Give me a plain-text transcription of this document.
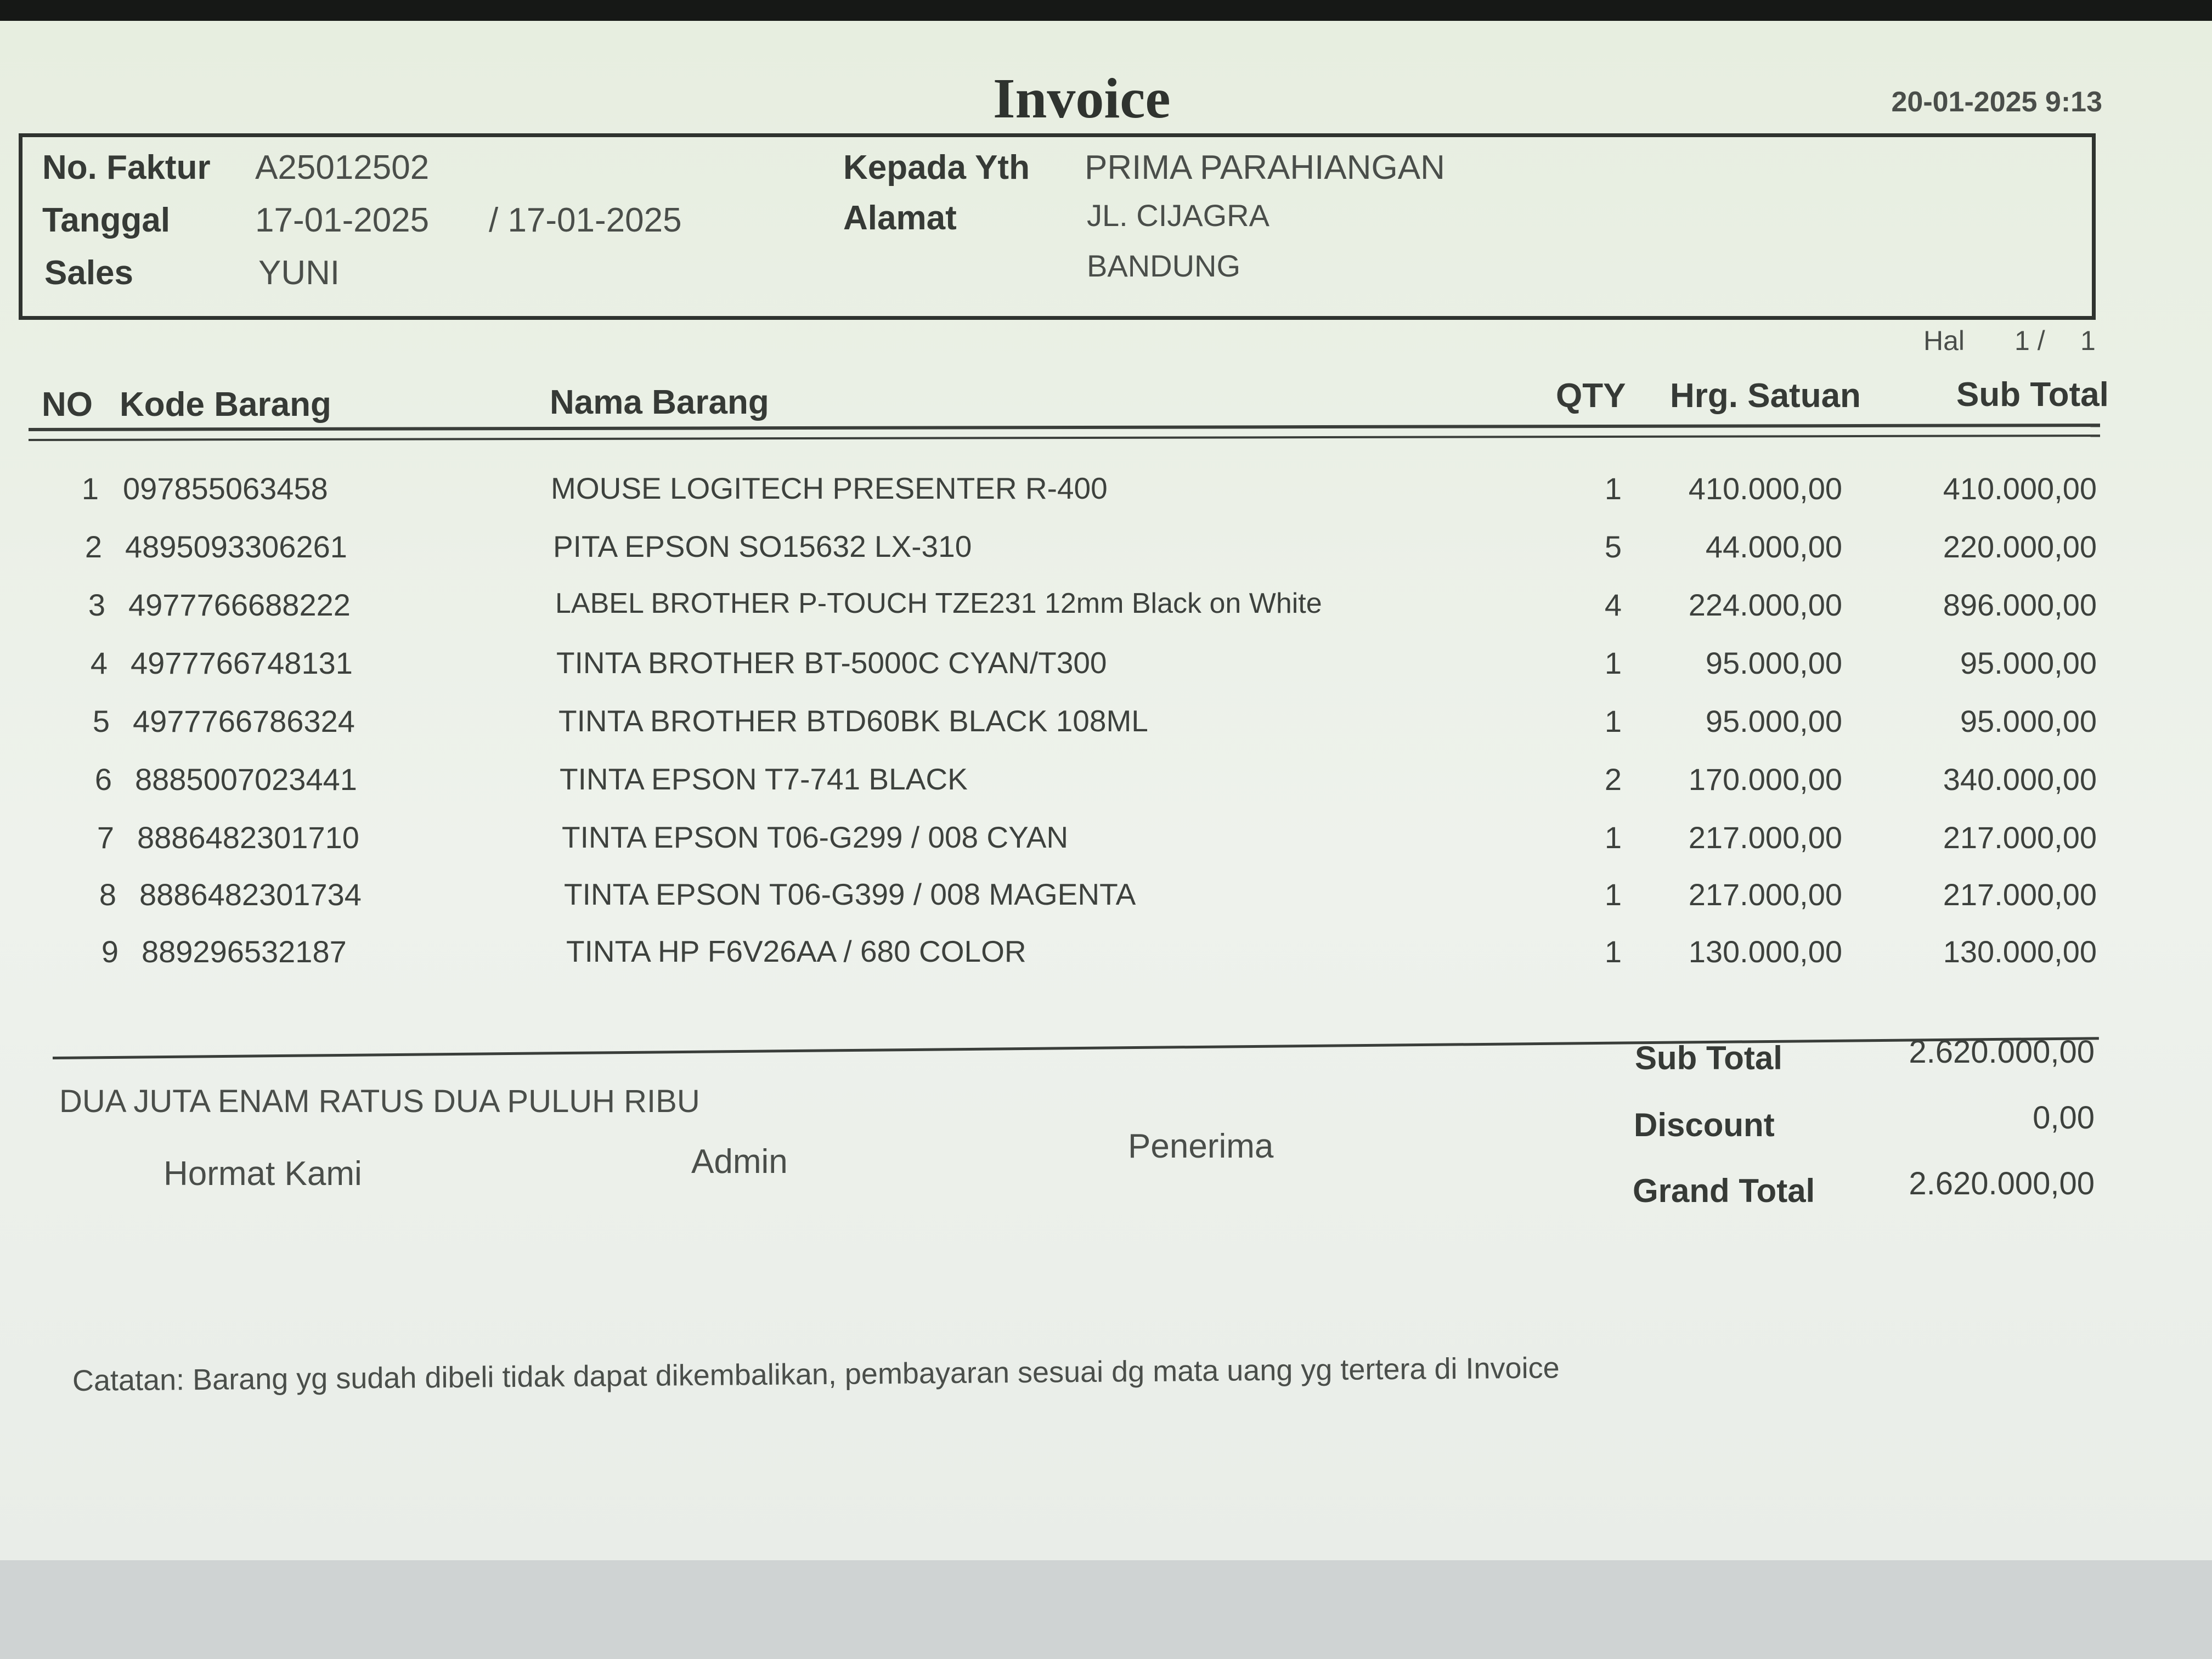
Invoice	20-01-2025 9:13
No. Faktur A25012502
Tanggal 17-01-2025 / 17-01-2025
Sales	YUNI
Kepada Yth PRIMA PARAHIANGAN
Alamat	JL. CIJAGRA
BANDUNG
Hal 1 / 1
NO Kode Barang	Nama Barang	QTY Hrg. Satuan	Sub Total
1 097855063458	MOUSE LOGITECH PRESENTER R-400	1	410.000,00	410.000,00
2 4895093306261	PITA EPSON SO15632 LX-310	5	44.000,00	220.000,00
3 4977766688222	LABEL BROTHER P-TOUCH TZE231 12mm Black on White	4	224.000,00	896.000,00
4 4977766748131	TINTA BROTHER BT-5000C CYAN/T300	1	95.000,00	95.000,00
5 4977766786324	TINTA BROTHER BTD60BK BLACK 108ML	1	95.000,00	95.000,00
6 8885007023441	TINTA EPSON T7-741 BLACK	2	170.000,00	340.000,00
7 8886482301710	TINTA EPSON T06-G299 / 008 CYAN	1	217.000,00	217.000,00
8 8886482301734	TINTA EPSON T06-G399 / 008 MAGENTA	1	217.000,00	217.000,00
9 889296532187	TINTA HP F6V26AA / 680 COLOR	1	130.000,00	130.000,00
DUA JUTA ENAM RATUS DUA PULUH RIBU
Hormat Kami	Admin	Penerima
Sub Total	2.620.000,00
Discount	0,00
Grand Total	2.620.000,00
Catatan: Barang yg sudah dibeli tidak dapat dikembalikan, pembayaran sesuai dg mata uang yg tertera di Invoice
